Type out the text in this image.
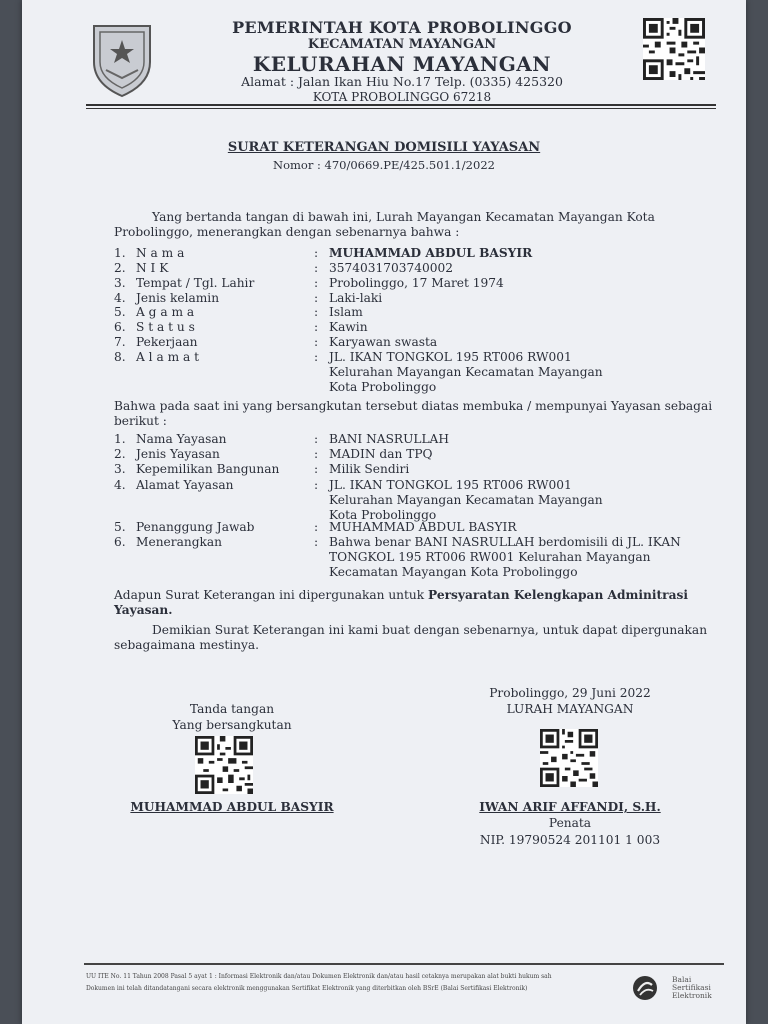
PEMERINTAH KOTA PROBOLINGGO
KECAMATAN MAYANGAN
KELURAHAN MAYANGAN
Alamat : Jalan Ikan Hiu No.17 Telp. (0335) 425320
KOTA PROBOLINGGO 67218
SURAT KETERANGAN DOMISILI YAYASAN
Nomor : 470/0669.PE/425.501.1/2022
Yang bertanda tangan di bawah ini, Lurah Mayangan Kecamatan Mayangan Kota Probolinggo, menerangkan dengan sebenarnya bahwa :
1. N a m a	: MUHAMMAD ABDUL BASYIR
2. N I K	: 3574031703740002
3. Tempat / Tgl. Lahir	: Probolinggo, 17 Maret 1974
4. Jenis kelamin	: Laki-laki
5. A g a m a	: Islam
6. S t a t u s	: Kawin
7. Pekerjaan	: Karyawan swasta
8. A l a m a t	: JL. IKAN TONGKOL 195 RT006 RW001
Kelurahan Mayangan Kecamatan Mayangan
Kota Probolinggo
Bahwa pada saat ini yang bersangkutan tersebut diatas membuka / mempunyai Yayasan sebagai berikut :
1. Nama Yayasan	: BANI NASRULLAH
2. Jenis Yayasan	: MADIN dan TPQ
3. Kepemilikan Bangunan	: Milik Sendiri
4. Alamat Yayasan	: JL. IKAN TONGKOL 195 RT006 RW001
Kelurahan Mayangan Kecamatan Mayangan
Kota Probolinggo
5. Penanggung Jawab	: MUHAMMAD ABDUL BASYIR
6. Menerangkan	: Bahwa benar BANI NASRULLAH berdomisili di JL. IKAN TONGKOL 195 RT006 RW001 Kelurahan Mayangan Kecamatan Mayangan Kota Probolinggo
Adapun Surat Keterangan ini dipergunakan untuk Persyaratan Kelengkapan Adminitrasi Yayasan.
Demikian Surat Keterangan ini kami buat dengan sebenarnya, untuk dapat dipergunakan sebagaimana mestinya.
Tanda tangan
Yang bersangkutan
MUHAMMAD ABDUL BASYIR
Probolinggo, 29 Juni 2022
LURAH MAYANGAN
IWAN ARIF AFFANDI, S.H.
Penata
NIP. 19790524 201101 1 003
UU ITE No. 11 Tahun 2008 Pasal 5 ayat 1 : Informasi Elektronik dan/atau Dokumen Elektronik dan/atau hasil cetaknya merupakan alat bukti hukum sah
Dokumen ini telah ditandatangani secara elektronik menggunakan Sertifikat Elektronik yang diterbitkan oleh BSrE (Balai Sertifikasi Elektronik)
Balai
Sertifikasi
Elektronik
